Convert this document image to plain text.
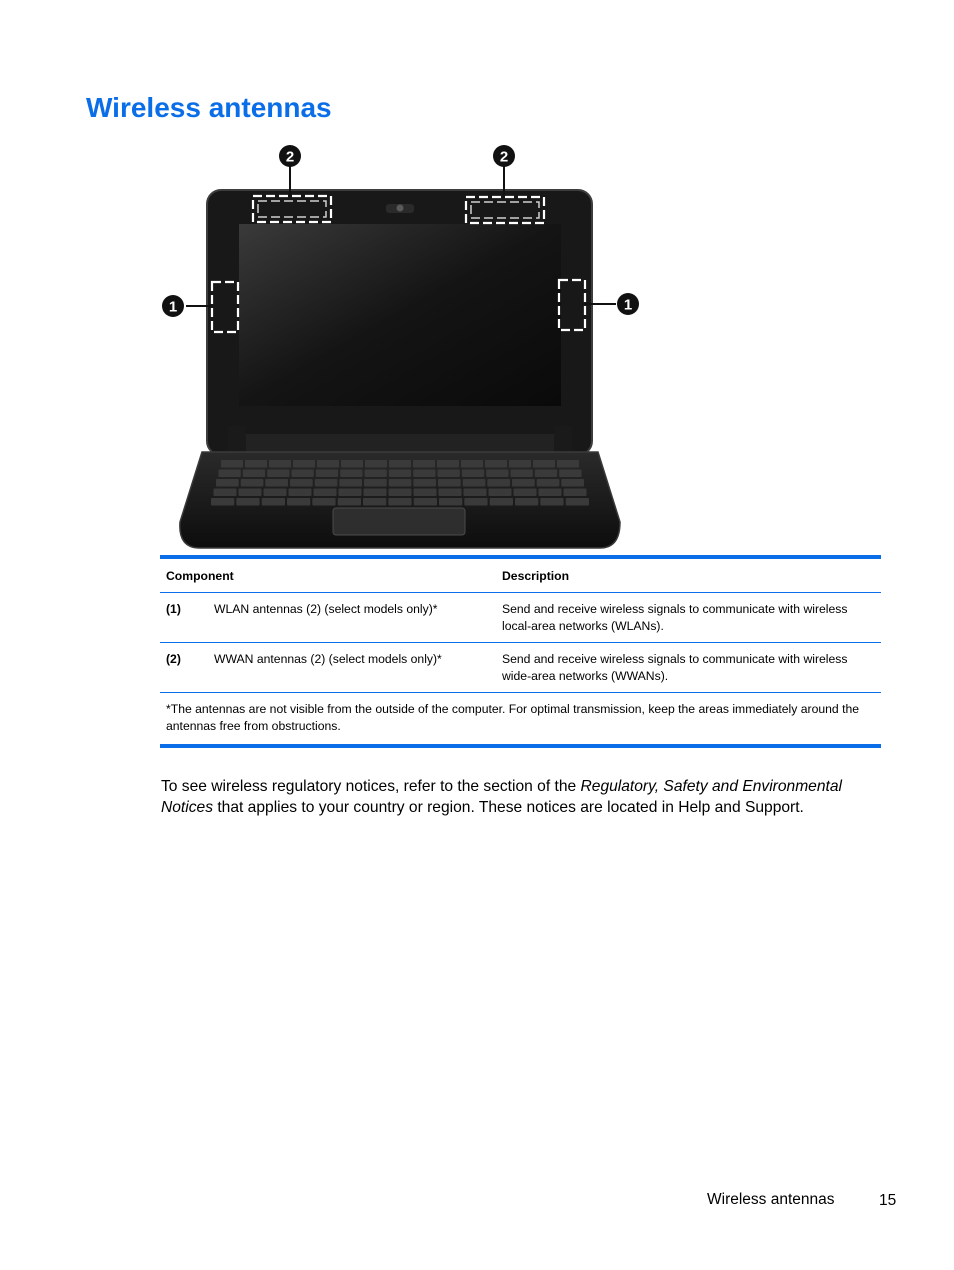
Wireless antennas
2	2
1	1
Component		Description
(1)	WLAN antennas (2) (select models only)*	Send and receive wireless signals to communicate with wireless local-area networks (WLANs).
(2)	WWAN antennas (2) (select models only)*	Send and receive wireless signals to communicate with wireless wide-area networks (WWANs).
*The antennas are not visible from the outside of the computer. For optimal transmission, keep the areas immediately around the antennas free from obstructions.		

To see wireless regulatory notices, refer to the section of the Regulatory, Safety and Environmental Notices that applies to your country or region. These notices are located in Help and Support.

Wireless antennas	15
